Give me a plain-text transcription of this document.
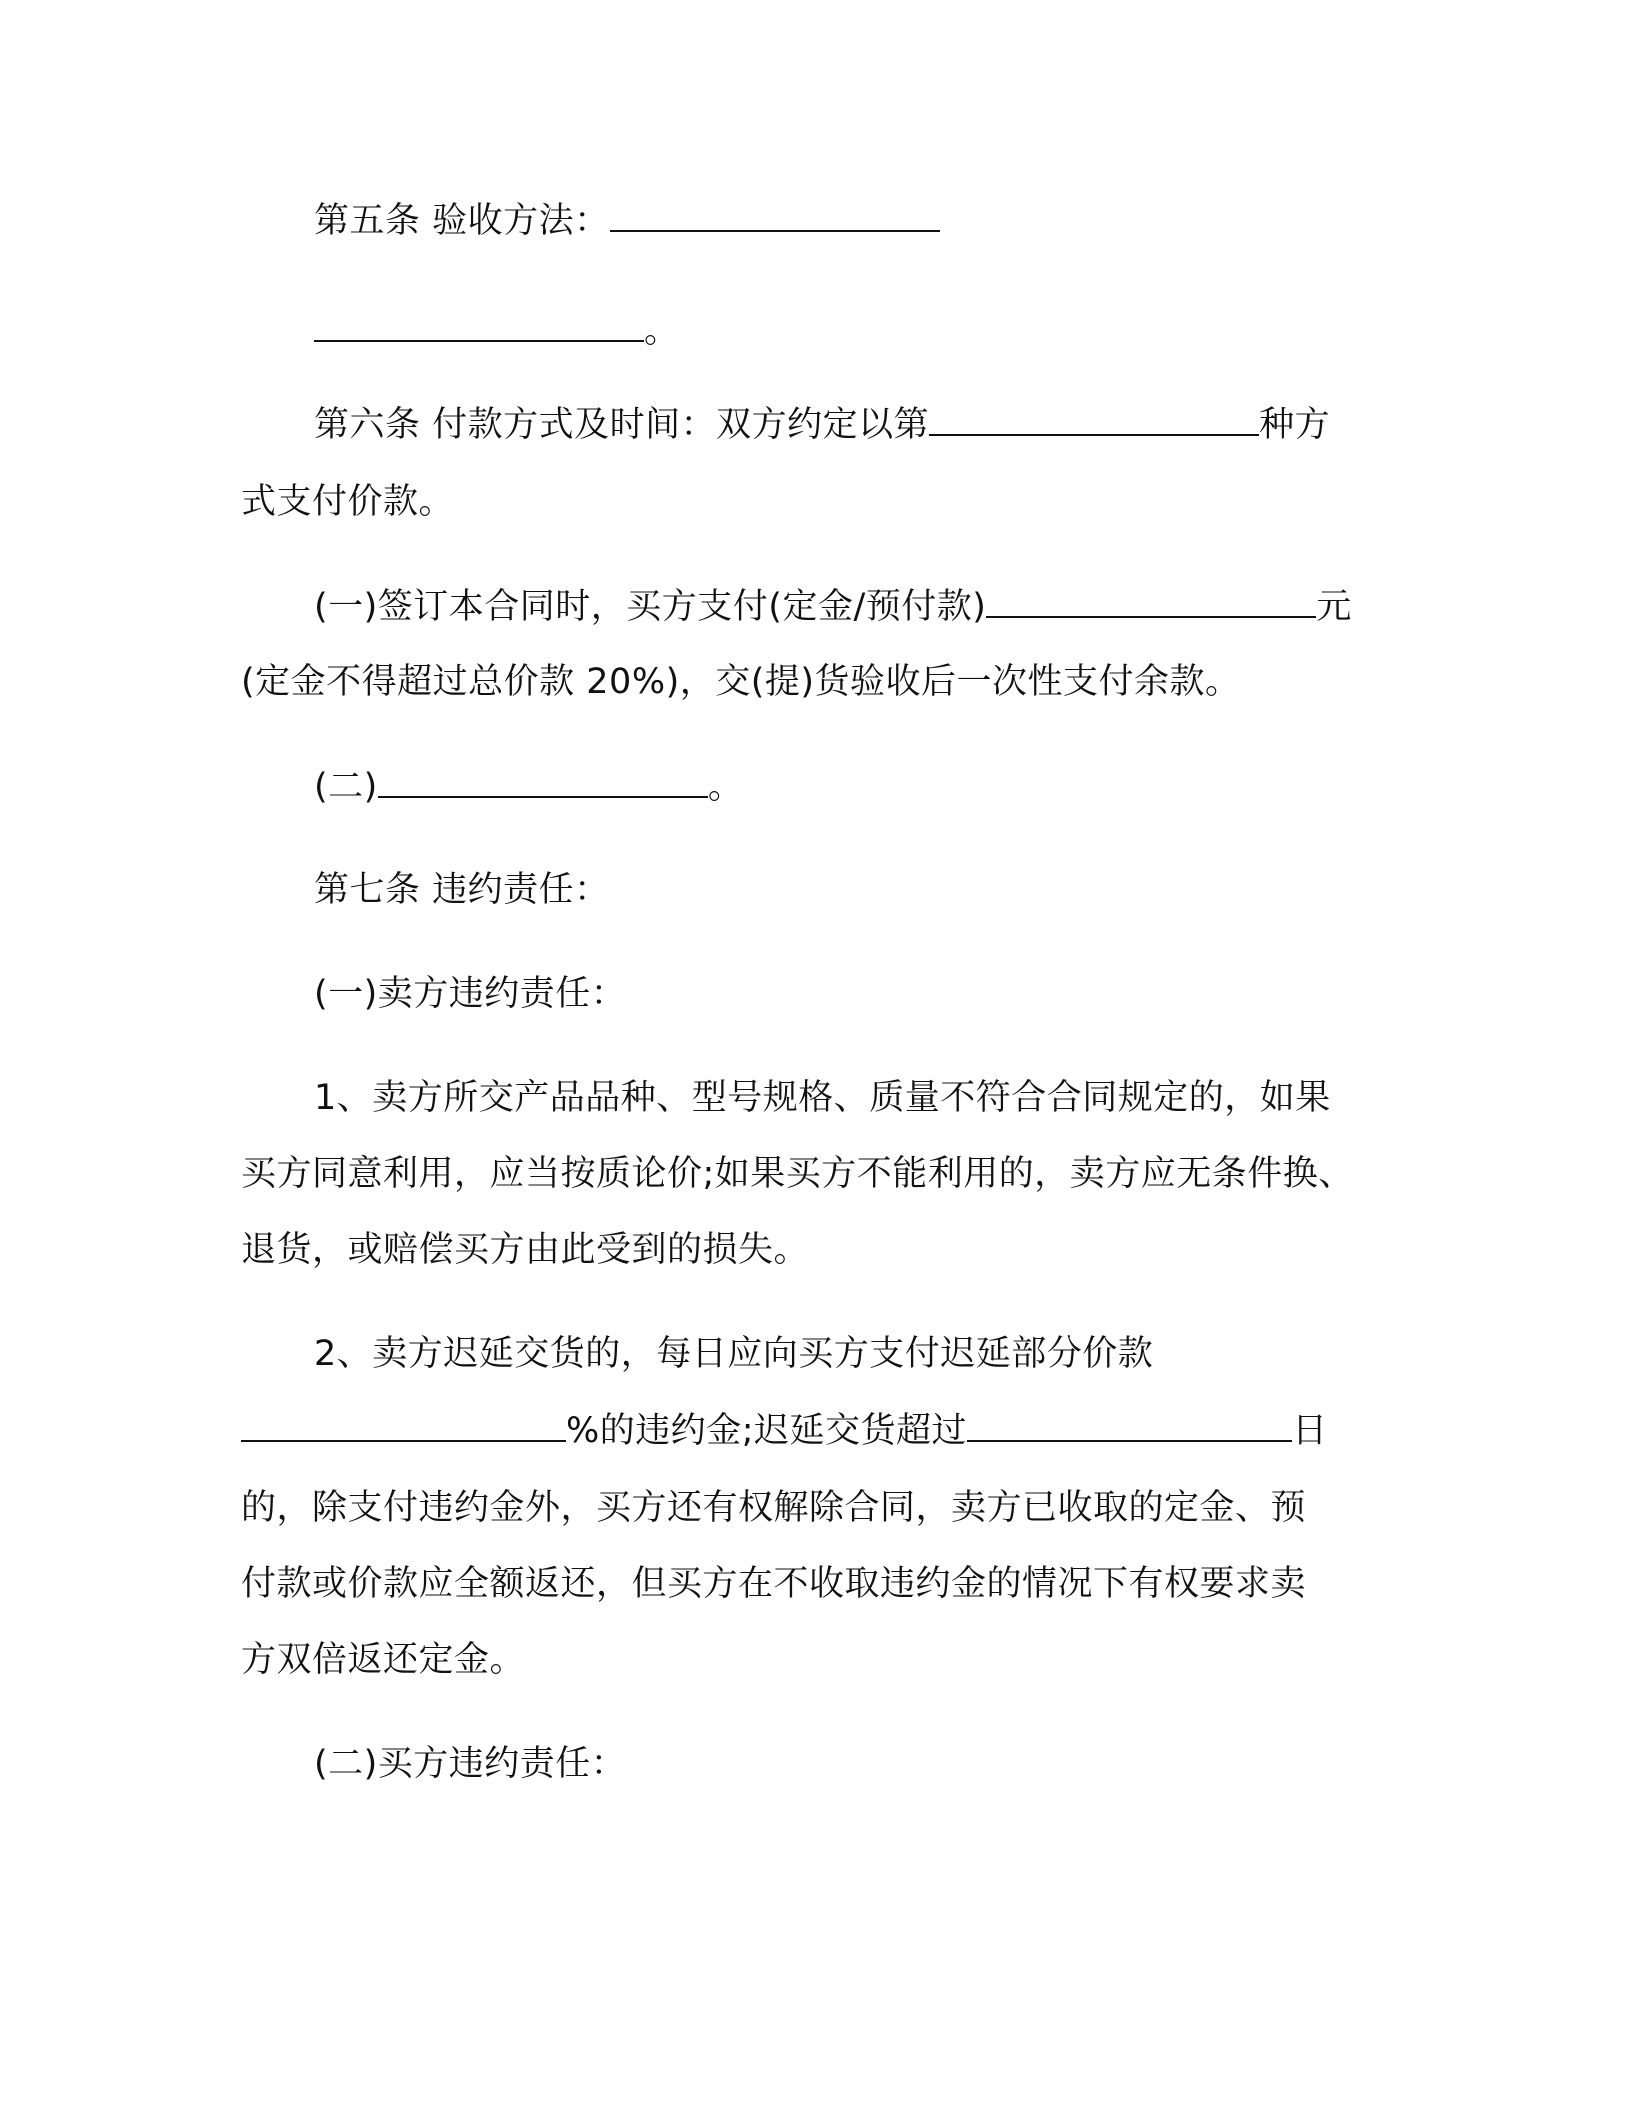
第五条 验收方法：
。
第六条 付款方式及时间：双方约定以第	种方
式支付价款。
(一)签订本合同时，买方支付(定金/预付款)	元
(定金不得超过总价款 20%)，交(提)货验收后一次性支付余款。
(二)	。
第七条 违约责任：
(一)卖方违约责任：
1、卖方所交产品品种、型号规格、质量不符合合同规定的，如果
买方同意利用，应当按质论价;如果买方不能利用的，卖方应无条件换、
退货，或赔偿买方由此受到的损失。
2、卖方迟延交货的，每日应向买方支付迟延部分价款
%的违约金;迟延交货超过	日
的，除支付违约金外，买方还有权解除合同，卖方已收取的定金、预
付款或价款应全额返还，但买方在不收取违约金的情况下有权要求卖
方双倍返还定金。
(二)买方违约责任：
